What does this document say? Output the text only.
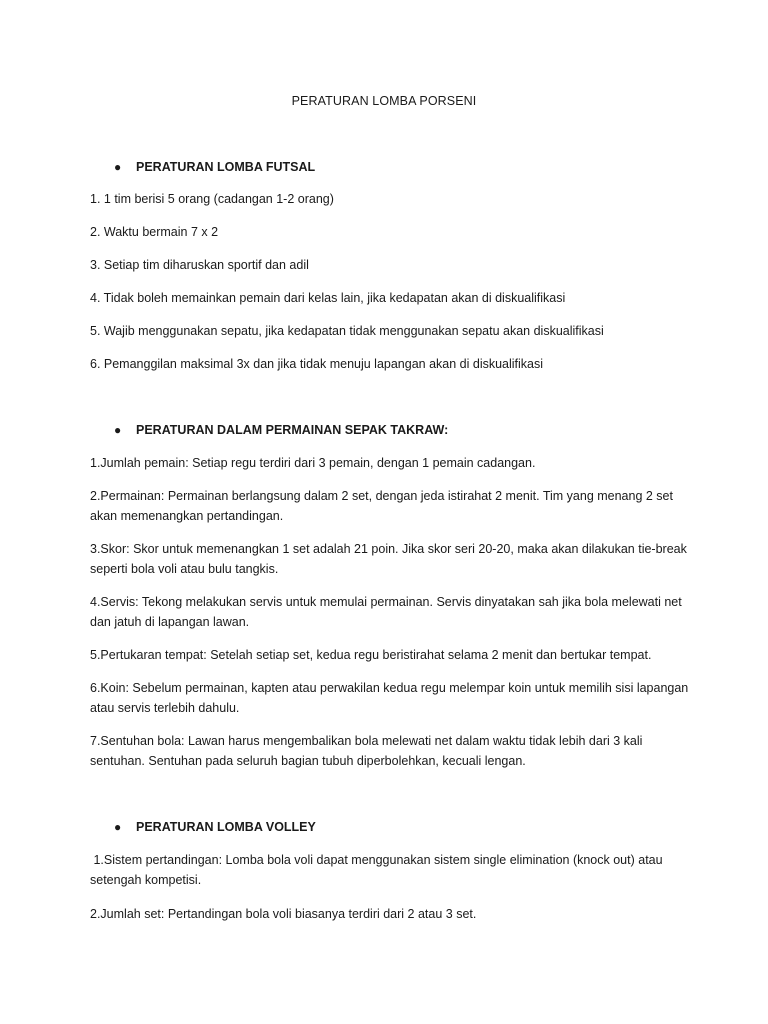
PERATURAN LOMBA PORSENI
● PERATURAN LOMBA FUTSAL
1. 1 tim berisi 5 orang (cadangan 1-2 orang)
2. Waktu bermain 7 x 2
3. Setiap tim diharuskan sportif dan adil
4. Tidak boleh memainkan pemain dari kelas lain, jika kedapatan akan di diskualifikasi
5. Wajib menggunakan sepatu, jika kedapatan tidak menggunakan sepatu akan diskualifikasi
6. Pemanggilan maksimal 3x dan jika tidak menuju lapangan akan di diskualifikasi
● PERATURAN DALAM PERMAINAN SEPAK TAKRAW:
1.Jumlah pemain: Setiap regu terdiri dari 3 pemain, dengan 1 pemain cadangan.
2.Permainan: Permainan berlangsung dalam 2 set, dengan jeda istirahat 2 menit. Tim yang menang 2 set akan memenangkan pertandingan.
3.Skor: Skor untuk memenangkan 1 set adalah 21 poin. Jika skor seri 20-20, maka akan dilakukan tie-break seperti bola voli atau bulu tangkis.
4.Servis: Tekong melakukan servis untuk memulai permainan. Servis dinyatakan sah jika bola melewati net dan jatuh di lapangan lawan.
5.Pertukaran tempat: Setelah setiap set, kedua regu beristirahat selama 2 menit dan bertukar tempat.
6.Koin: Sebelum permainan, kapten atau perwakilan kedua regu melempar koin untuk memilih sisi lapangan atau servis terlebih dahulu.
7.Sentuhan bola: Lawan harus mengembalikan bola melewati net dalam waktu tidak lebih dari 3 kali sentuhan. Sentuhan pada seluruh bagian tubuh diperbolehkan, kecuali lengan.
● PERATURAN LOMBA VOLLEY
1.Sistem pertandingan: Lomba bola voli dapat menggunakan sistem single elimination (knock out) atau setengah kompetisi.
2.Jumlah set: Pertandingan bola voli biasanya terdiri dari 2 atau 3 set.
